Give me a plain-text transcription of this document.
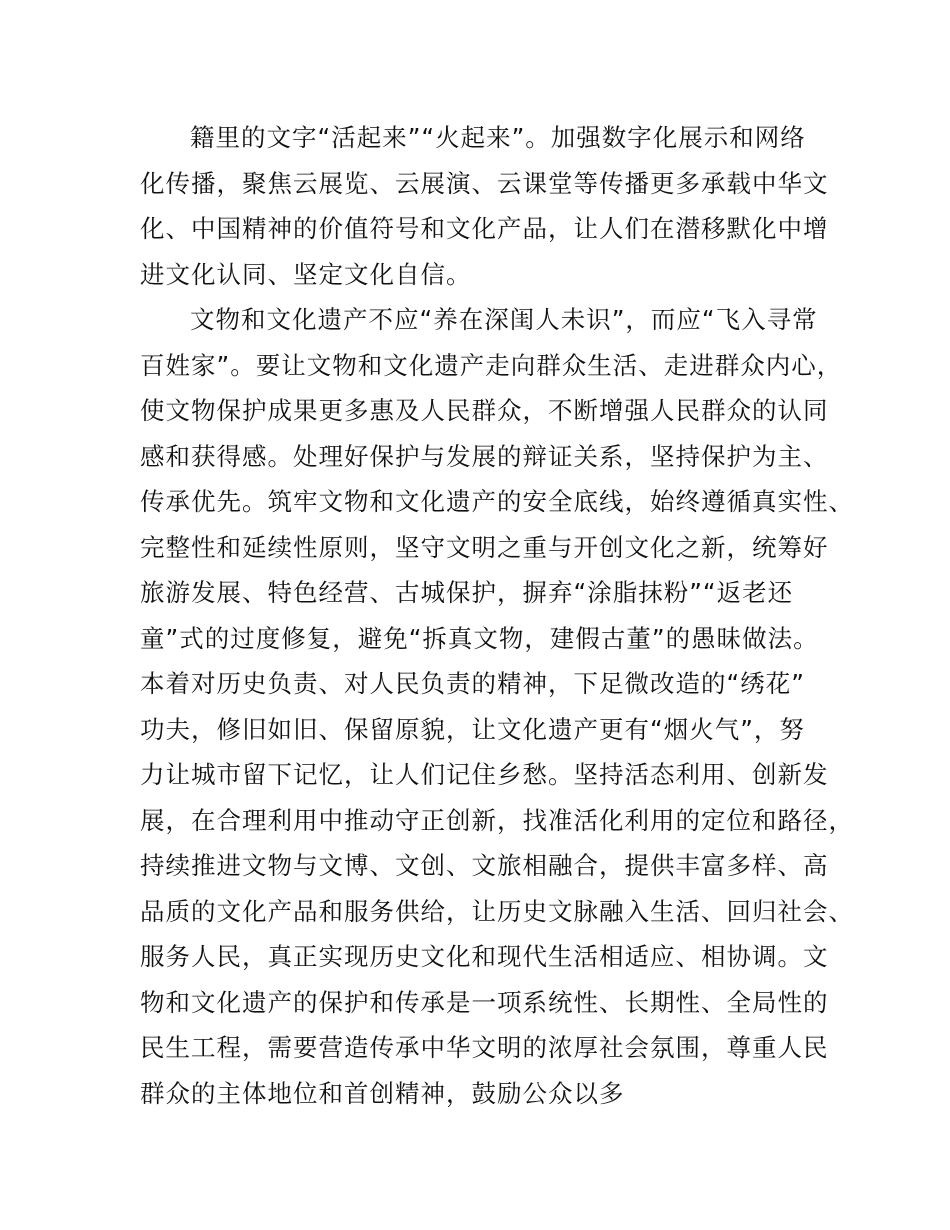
籍里的文字“活起来”“火起来”。加强数字化展示和网络
化传播，聚焦云展览、云展演、云课堂等传播更多承载中华文
化、中国精神的价值符号和文化产品，让人们在潜移默化中增
进文化认同、坚定文化自信。
文物和文化遗产不应“养在深闺人未识”，而应“飞入寻常
百姓家”。要让文物和文化遗产走向群众生活、走进群众内心，
使文物保护成果更多惠及人民群众，不断增强人民群众的认同
感和获得感。处理好保护与发展的辩证关系，坚持保护为主、
传承优先。筑牢文物和文化遗产的安全底线，始终遵循真实性、
完整性和延续性原则，坚守文明之重与开创文化之新，统筹好
旅游发展、特色经营、古城保护，摒弃“涂脂抹粉”“返老还
童”式的过度修复，避免“拆真文物，建假古董”的愚昧做法。
本着对历史负责、对人民负责的精神，下足微改造的“绣花”
功夫，修旧如旧、保留原貌，让文化遗产更有“烟火气”，努
力让城市留下记忆，让人们记住乡愁。坚持活态利用、创新发
展，在合理利用中推动守正创新，找准活化利用的定位和路径，
持续推进文物与文博、文创、文旅相融合，提供丰富多样、高
品质的文化产品和服务供给，让历史文脉融入生活、回归社会、
服务人民，真正实现历史文化和现代生活相适应、相协调。文
物和文化遗产的保护和传承是一项系统性、长期性、全局性的
民生工程，需要营造传承中华文明的浓厚社会氛围，尊重人民
群众的主体地位和首创精神，鼓励公众以多
